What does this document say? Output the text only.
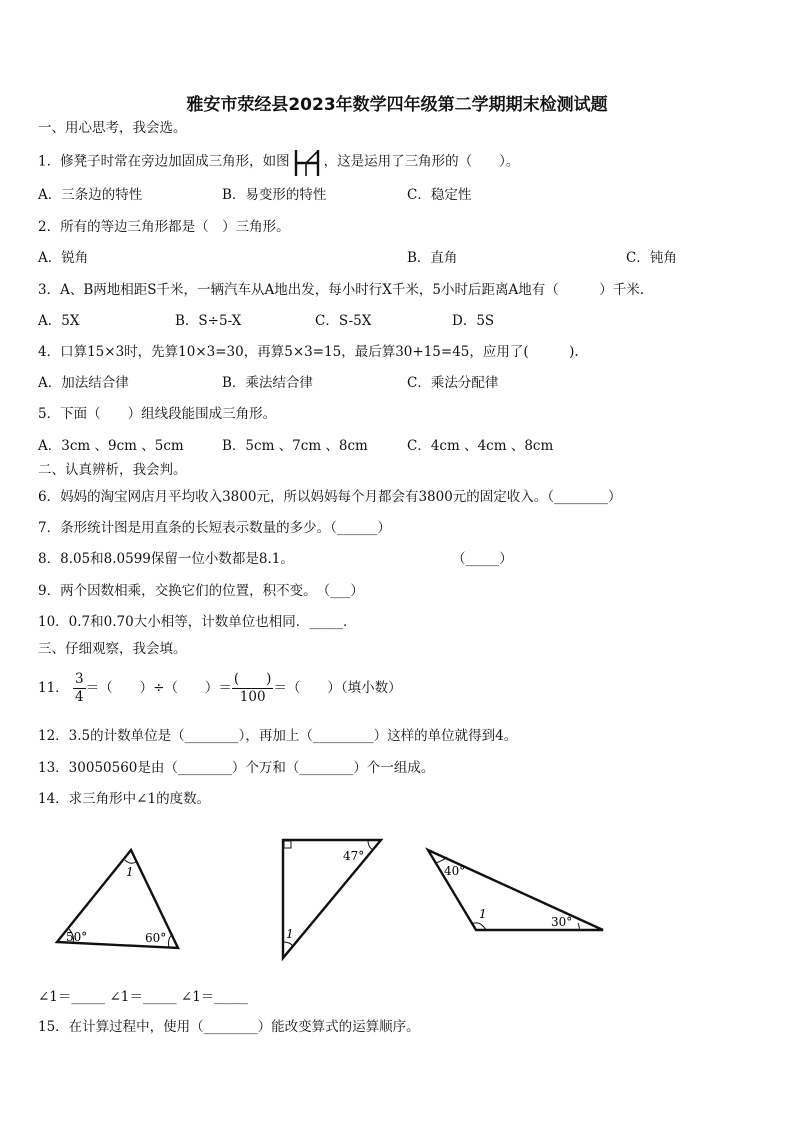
雅安市荥经县2023年数学四年级第二学期期末检测试题
一、用心思考，我会选。
1．修凳子时常在旁边加固成三角形，如图	，这是运用了三角形的（　　）。
A．三条边的特性	B．易变形的特性	C．稳定性
2．所有的等边三角形都是（　）三角形。
A．锐角	B．直角	C．钝角
3．A、B两地相距S千米，一辆汽车从A地出发，每小时行X千米，5小时后距离A地有（　　　）千米.
A．5X	B．S÷5-X	C．S-5X	D．5S
4．口算15×3时，先算10×3=30，再算5×3=15，最后算30+15=45，应用了(　　　).
A．加法结合律	B．乘法结合律	C．乘法分配律
5．下面（　　）组线段能围成三角形。
A．3cm 、9cm 、5cm	B．5cm 、7cm 、8cm	C．4cm 、4cm 、8cm
二、认真辨析，我会判。
6．妈妈的淘宝网店月平均收入3800元，所以妈妈每个月都会有3800元的固定收入。（________）
7．条形统计图是用直条的长短表示数量的多少。（______）
8．8.05和8.0599保留一位小数都是8.1。	（_____）
9．两个因数相乘，交换它们的位置，积不变。　（___）
10．0.7和0.70大小相等，计数单位也相同．_____．
三、仔细观察，我会填。
11． $\frac{3}{4}$ ＝（　　）÷（　　）＝ $\frac{( )}{100}$ ＝（　　）（填小数）
12．3.5的计数单位是（________），再加上（_________）这样的单位就得到4。
13．30050560是由（________）个万和（________）个一组成。
14．求三角形中∠1的度数。
1
50°	60°
47°
1
40°
1
30°
∠1＝_____ ∠1＝_____ ∠1＝_____
15．在计算过程中，使用（________）能改变算式的运算顺序。
